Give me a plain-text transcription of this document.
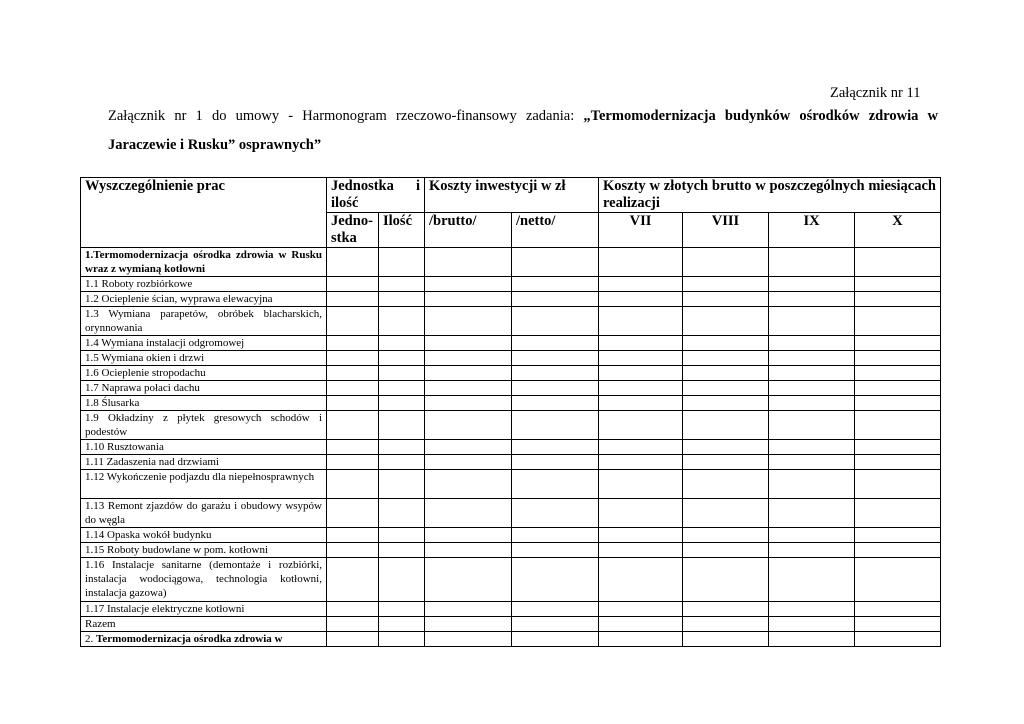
Załącznik nr 11
Załącznik nr 1 do umowy - Harmonogram rzeczowo-finansowy zadania: „Termomodernizacja budynków ośrodków zdrowia w Jaraczewie i Rusku” osprawnych”
Wyszczególnienie prac	Jednostka i ilość		Koszty inwestycji w zł		Koszty w złotych brutto w poszczególnych miesiącach realizacji			
	Jedno-stka	Ilość	/brutto/	/netto/	VII	VIII	IX	X
1.Termomodernizacja ośrodka zdrowia w Rusku wraz z wymianą kotłowni								
1.1 Roboty rozbiórkowe								
1.2 Ocieplenie ścian, wyprawa elewacyjna								
1.3 Wymiana parapetów, obróbek blacharskich, orynnowania								
1.4 Wymiana instalacji odgromowej								
1.5 Wymiana okien i drzwi								
1.6 Ocieplenie stropodachu								
1.7 Naprawa połaci dachu								
1.8 Ślusarka								
1.9 Okładziny z płytek gresowych schodów i podestów								
1.10 Rusztowania								
1.11 Zadaszenia nad drzwiami								
1.12 Wykończenie podjazdu dla niepełnosprawnych								
1.13 Remont zjazdów do garażu i obudowy wsypów do węgla								
1.14 Opaska wokół budynku								
1.15 Roboty budowlane w pom. kotłowni								
1.16 Instalacje sanitarne (demontaże i rozbiórki, instalacja wodociągowa, technologia kotłowni, instalacja gazowa)								
1.17 Instalacje elektryczne kotłowni								
Razem								
2. Termomodernizacja ośrodka zdrowia w								
